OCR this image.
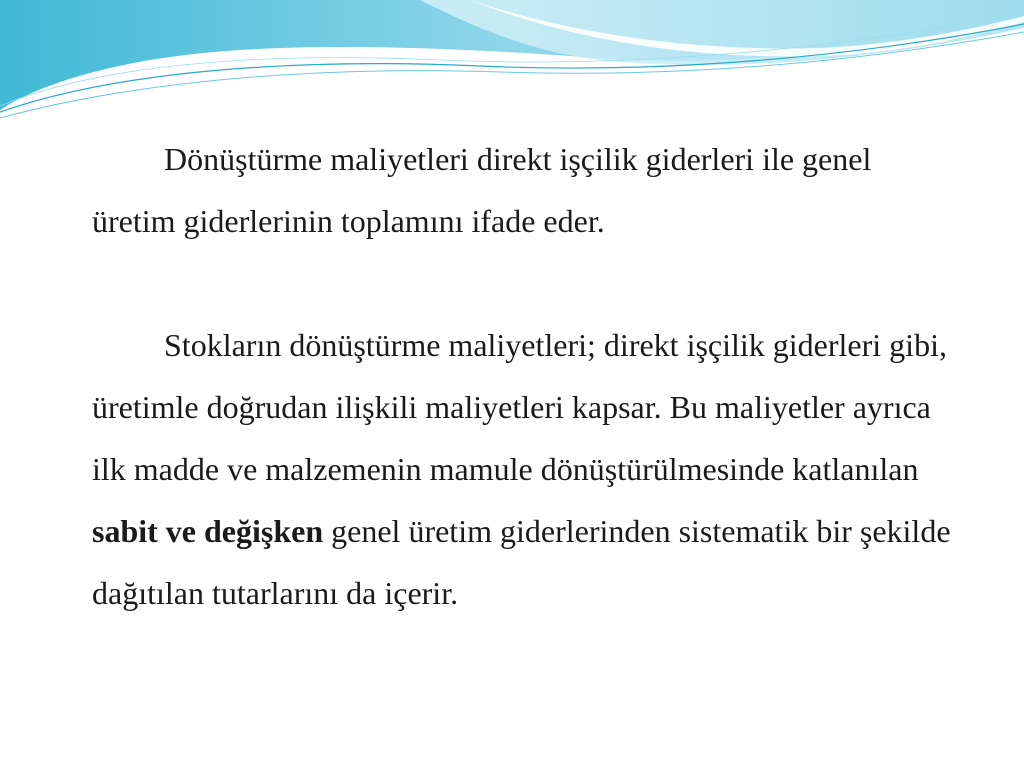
Dönüştürme maliyetleri direkt işçilik giderleri ile genel üretim giderlerinin toplamını ifade eder.

Stokların dönüştürme maliyetleri; direkt işçilik giderleri gibi, üretimle doğrudan ilişkili maliyetleri kapsar. Bu maliyetler ayrıca ilk madde ve malzemenin mamule dönüştürülmesinde katlanılan sabit ve değişken genel üretim giderlerinden sistematik bir şekilde dağıtılan tutarlarını da içerir.
